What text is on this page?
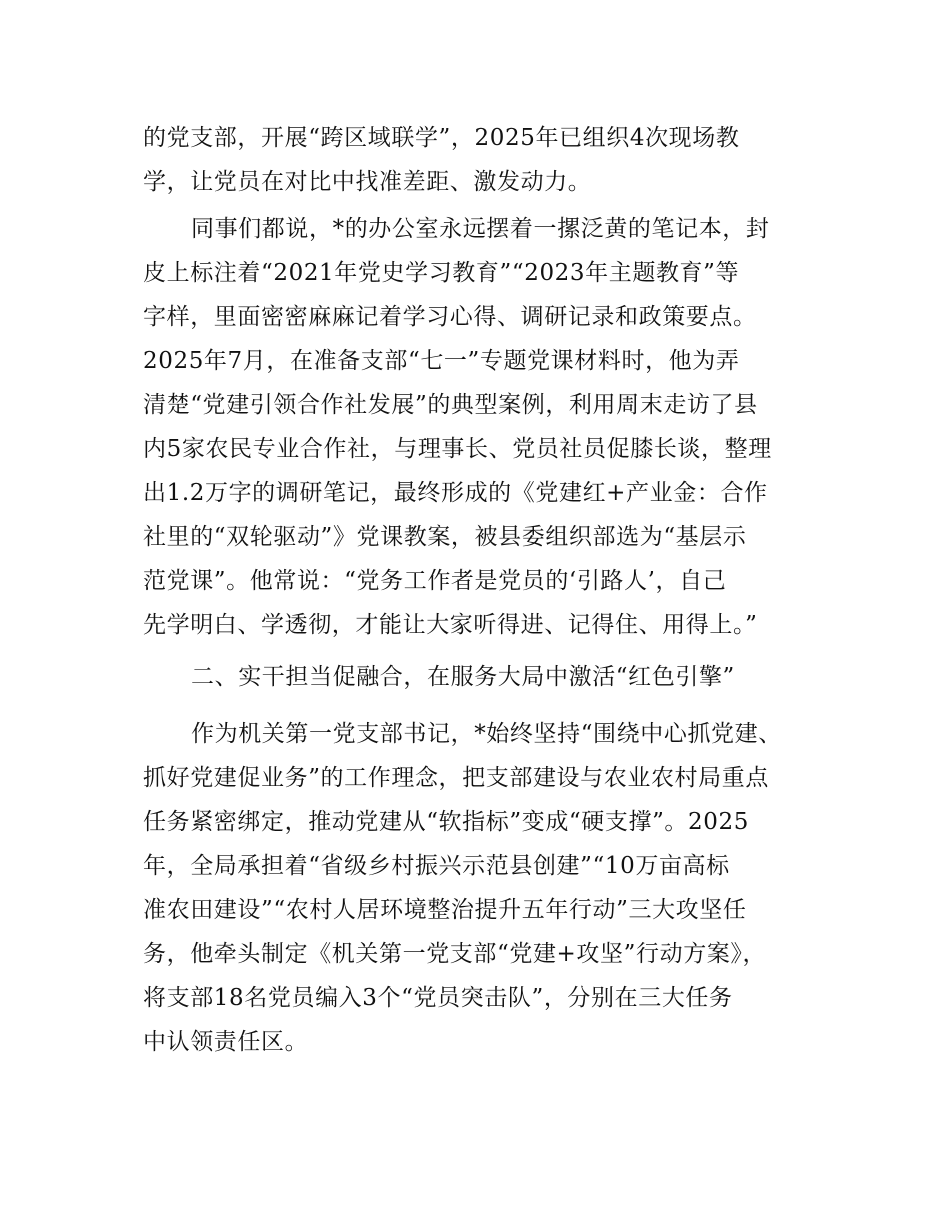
的党支部，开展“跨区域联学”，2025年已组织4次现场教
学，让党员在对比中找准差距、激发动力。
同事们都说，*的办公室永远摆着一摞泛黄的笔记本，封
皮上标注着“2021年党史学习教育”“2023年主题教育”等
字样，里面密密麻麻记着学习心得、调研记录和政策要点。
2025年7月，在准备支部“七一”专题党课材料时，他为弄
清楚“党建引领合作社发展”的典型案例，利用周末走访了县
内5家农民专业合作社，与理事长、党员社员促膝长谈，整理
出1.2万字的调研笔记，最终形成的《党建红+产业金：合作
社里的“双轮驱动”》党课教案，被县委组织部选为“基层示
范党课”。他常说：“党务工作者是党员的‘引路人’，自己
先学明白、学透彻，才能让大家听得进、记得住、用得上。”
二、实干担当促融合，在服务大局中激活“红色引擎”
作为机关第一党支部书记，*始终坚持“围绕中心抓党建、
抓好党建促业务”的工作理念，把支部建设与农业农村局重点
任务紧密绑定，推动党建从“软指标”变成“硬支撑”。2025
年，全局承担着“省级乡村振兴示范县创建”“10万亩高标
准农田建设”“农村人居环境整治提升五年行动”三大攻坚任
务，他牵头制定《机关第一党支部“党建+攻坚”行动方案》，
将支部18名党员编入3个“党员突击队”，分别在三大任务
中认领责任区。
